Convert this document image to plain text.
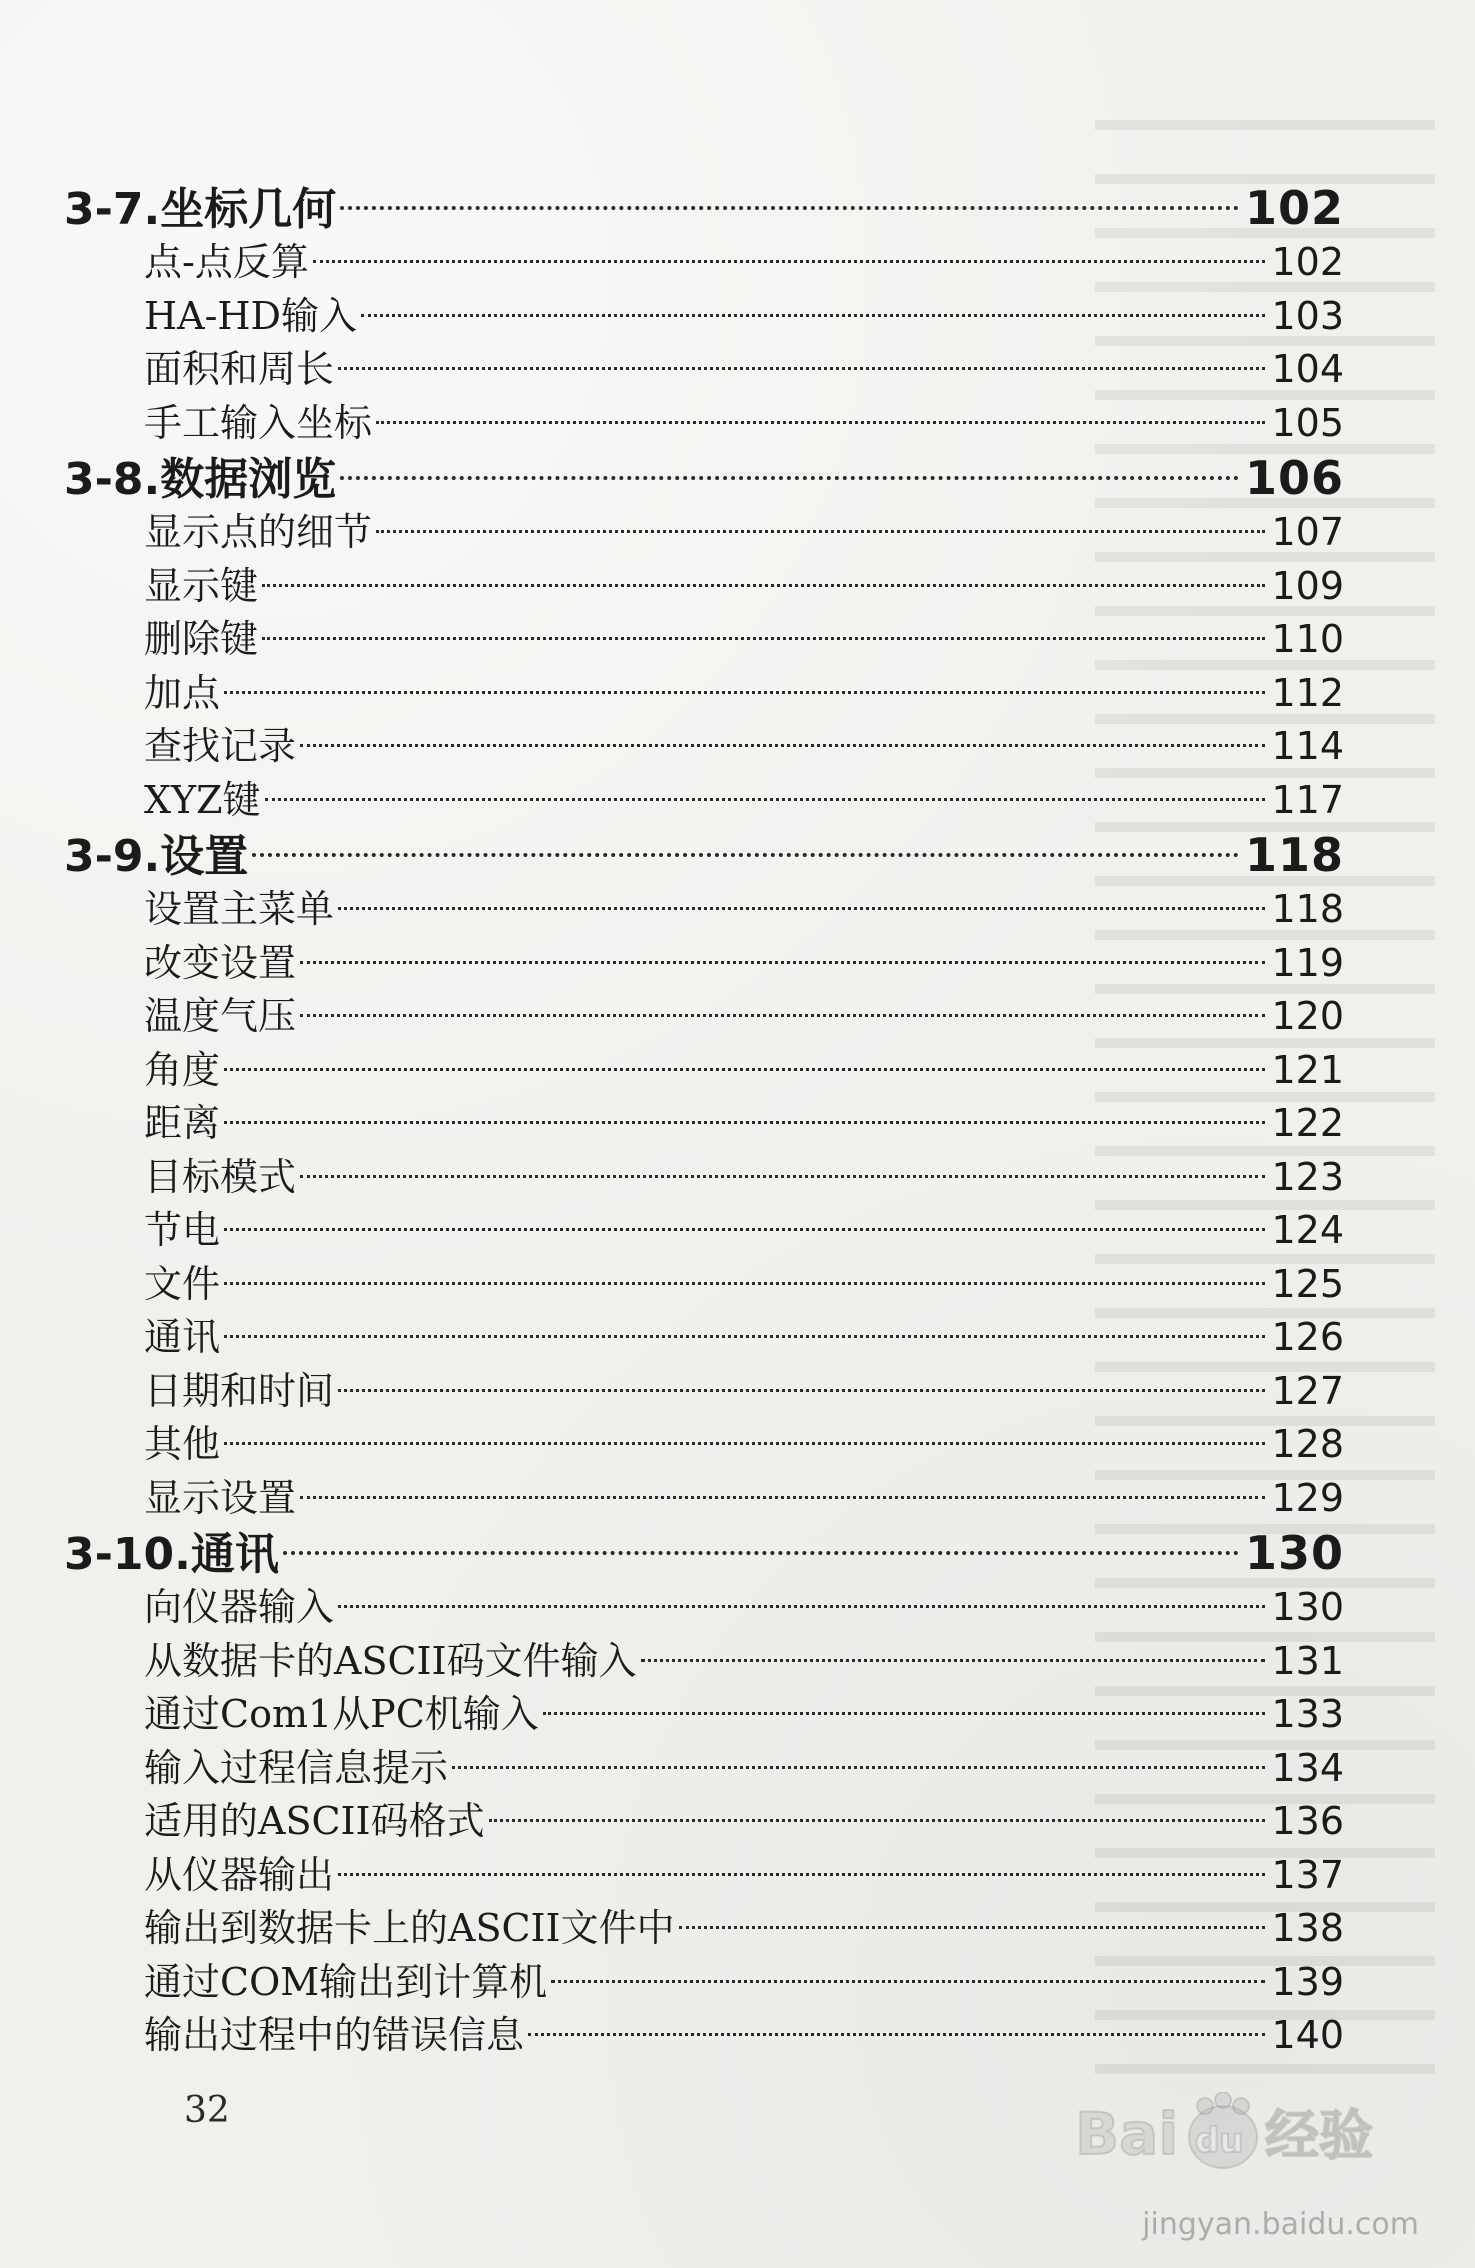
3-7.坐标几何	102
点-点反算	102
HA-HD输入	103
面积和周长	104
手工输入坐标	105
3-8.数据浏览	106
显示点的细节	107
显示键	109
删除键	110
加点	112
查找记录	114
XYZ键	117
3-9.设置	118
设置主菜单	118
改变设置	119
温度气压	120
角度	121
距离	122
目标模式	123
节电	124
文件	125
通讯	126
日期和时间	127
其他	128
显示设置	129
3-10.通讯	130
向仪器输入	130
从数据卡的ASCII码文件输入	131
通过Com1从PC机输入	133
输入过程信息提示	134
适用的ASCII码格式	136
从仪器输出	137
输出到数据卡上的ASCII文件中	138
通过COM输出到计算机	139
输出过程中的错误信息	140
32	Bai du 经验
jingyan.baidu.com
